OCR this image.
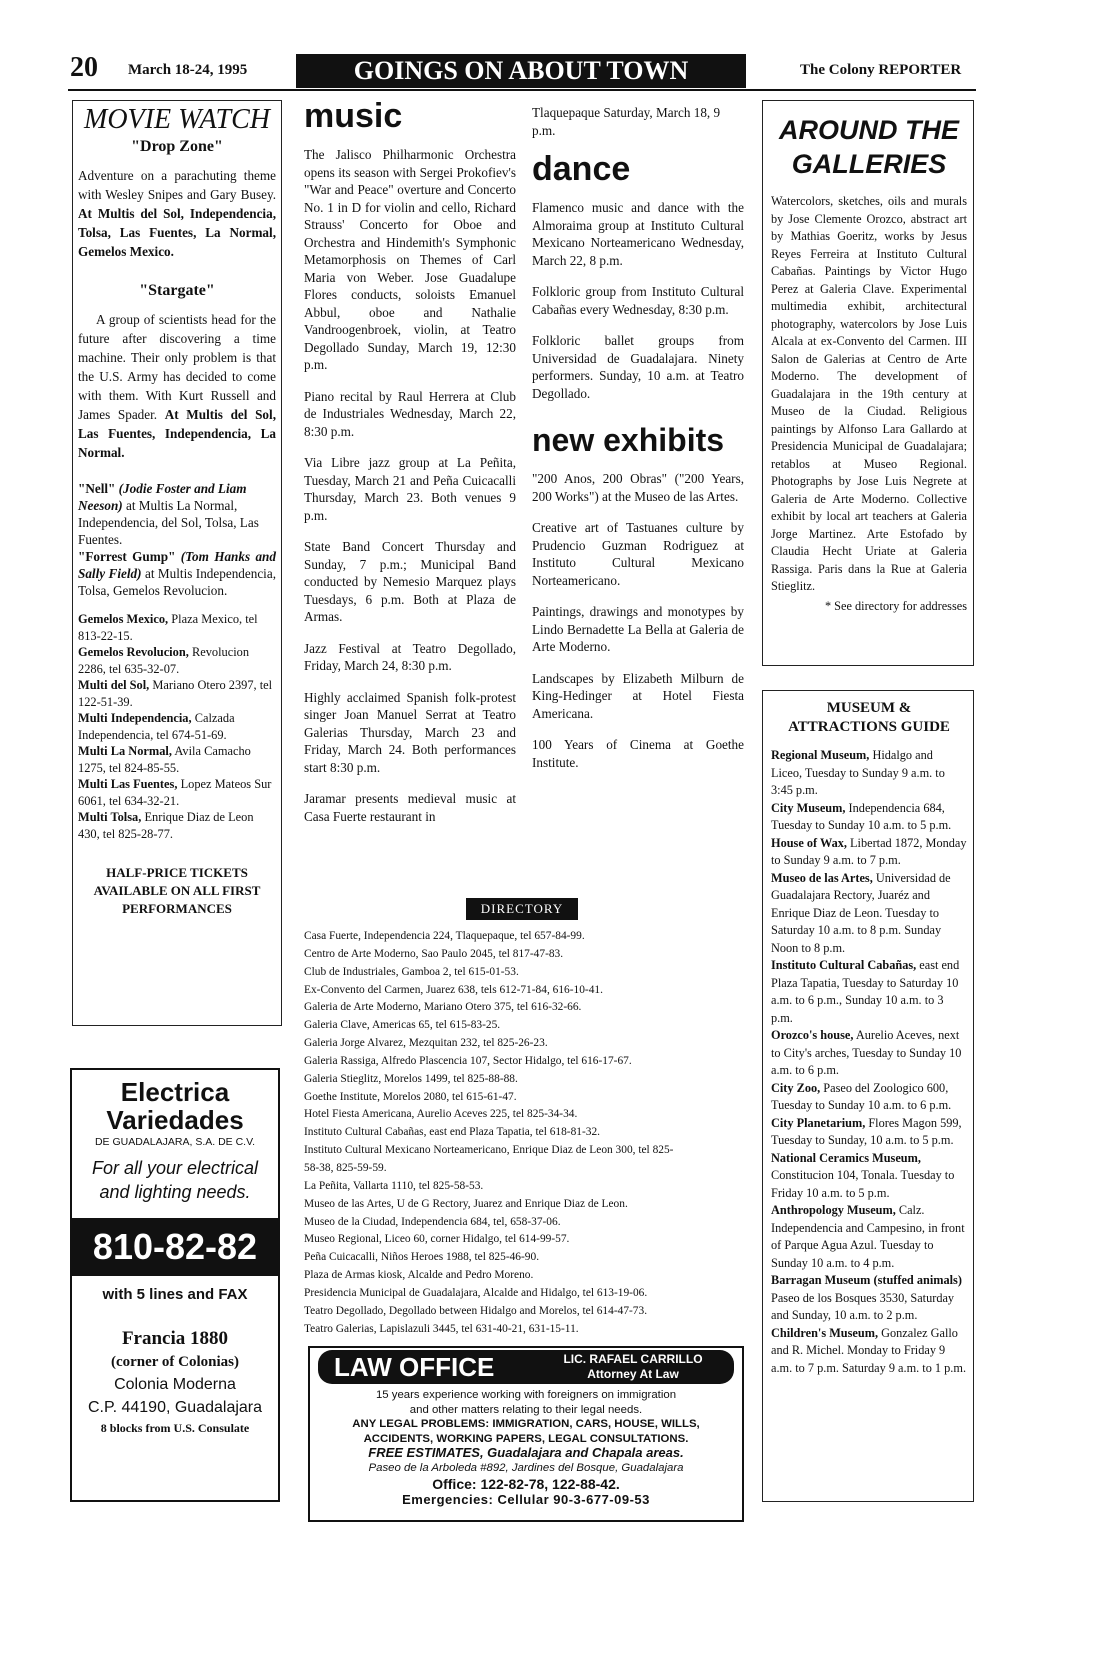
20 March 18-24, 1995	GOINGS ON ABOUT TOWN	The Colony REPORTER
MOVIE WATCH
"Drop Zone"

Adventure on a parachuting theme with Wesley Snipes and Gary Busey. At Multis del Sol, Independencia, Tolsa, Las Fuentes, La Normal, Gemelos Mexico.

"Stargate"

A group of scientists head for the future after discovering a time machine. Their only problem is that the U.S. Army has decided to come with them. With Kurt Russell and James Spader. At Multis del Sol, Las Fuentes, Independencia, La Normal.

"Nell" (Jodie Foster and Liam Neeson) at Multis La Normal, Independencia, del Sol, Tolsa, Las Fuentes.

"Forrest Gump" (Tom Hanks and Sally Field) at Multis Independencia, Tolsa, Gemelos Revolucion.

Gemelos Mexico, Plaza Mexico, tel 813-22-15.

Gemelos Revolucion, Revolucion 2286, tel 635-32-07.

Multi del Sol, Mariano Otero 2397, tel 122-51-39.

Multi Independencia, Calzada Independencia, tel 674-51-69.

Multi La Normal, Avila Camacho 1275, tel 824-85-55.

Multi Las Fuentes, Lopez Mateos Sur 6061, tel 634-32-21.

Multi Tolsa, Enrique Diaz de Leon 430, tel 825-28-77.

HALF-PRICE TICKETS AVAILABLE ON ALL FIRST PERFORMANCES
Electrica
Variedades
DE GUADALAJARA, S.A. DE C.V.
For all your electrical and lighting needs.
810-82-82
with 5 lines and FAX
Francia 1880
(corner of Colonias)
Colonia Moderna
C.P. 44190, Guadalajara
8 blocks from U.S. Consulate
music

The Jalisco Philharmonic Orchestra opens its season with Sergei Prokofiev's "War and Peace" overture and Concerto No. 1 in D for violin and cello, Richard Strauss' Concerto for Oboe and Orchestra and Hindemith's Symphonic Metamorphosis on Themes of Carl Maria von Weber. Jose Guadalupe Flores conducts, soloists Emanuel Abbul, oboe and Nathalie Vandroogenbroek, violin, at Teatro Degollado Sunday, March 19, 12:30 p.m.

Piano recital by Raul Herrera at Club de Industriales Wednesday, March 22, 8:30 p.m.

Via Libre jazz group at La Peñita, Tuesday, March 21 and Peña Cuicacalli Thursday, March 23. Both venues 9 p.m.

State Band Concert Thursday and Sunday, 7 p.m.; Municipal Band conducted by Nemesio Marquez plays Tuesdays, 6 p.m. Both at Plaza de Armas.

Jazz Festival at Teatro Degollado, Friday, March 24, 8:30 p.m.

Highly acclaimed Spanish folk-protest singer Joan Manuel Serrat at Teatro Galerias Thursday, March 23 and Friday, March 24. Both performances start 8:30 p.m.

Jaramar presents medieval music at Casa Fuerte restaurant in

Tlaquepaque Saturday, March 18, 9 p.m.

dance

Flamenco music and dance with the Almoraima group at Instituto Cultural Mexicano Norteamericano Wednesday, March 22, 8 p.m.

Folkloric group from Instituto Cultural Cabañas every Wednesday, 8:30 p.m.

Folkloric ballet groups from Universidad de Guadalajara. Ninety performers. Sunday, 10 a.m. at Teatro Degollado.

new exhibits

"200 Anos, 200 Obras" ("200 Years, 200 Works") at the Museo de las Artes.

Creative art of Tastuanes culture by Prudencio Guzman Rodriguez at Instituto Cultural Mexicano Norteamericano.

Paintings, drawings and monotypes by Lindo Bernadette La Bella at Galeria de Arte Moderno.

Landscapes by Elizabeth Milburn de King-Hedinger at Hotel Fiesta Americana.

100 Years of Cinema at Goethe Institute.

DIRECTORY

Casa Fuerte, Independencia 224, Tlaquepaque, tel 657-84-99.

Centro de Arte Moderno, Sao Paulo 2045, tel 817-47-83.

Club de Industriales, Gamboa 2, tel 615-01-53.

Ex-Convento del Carmen, Juarez 638, tels 612-71-84, 616-10-41.

Galeria de Arte Moderno, Mariano Otero 375, tel 616-32-66.

Galeria Clave, Americas 65, tel 615-83-25.

Galeria Jorge Alvarez, Mezquitan 232, tel 825-26-23.

Galeria Rassiga, Alfredo Plascencia 107, Sector Hidalgo, tel 616-17-67.

Galeria Stieglitz, Morelos 1499, tel 825-88-88.

Goethe Institute, Morelos 2080, tel 615-61-47.

Hotel Fiesta Americana, Aurelio Aceves 225, tel 825-34-34.

Instituto Cultural Cabañas, east end Plaza Tapatia, tel 618-81-32.

Instituto Cultural Mexicano Norteamericano, Enrique Diaz de Leon 300, tel 825-

58-38, 825-59-59.

La Peñita, Vallarta 1110, tel 825-58-53.

Museo de las Artes, U de G Rectory, Juarez and Enrique Diaz de Leon.

Museo de la Ciudad, Independencia 684, tel, 658-37-06.

Museo Regional, Liceo 60, corner Hidalgo, tel 614-99-57.

Peña Cuicacalli, Niños Heroes 1988, tel 825-46-90.

Plaza de Armas kiosk, Alcalde and Pedro Moreno.

Presidencia Municipal de Guadalajara, Alcalde and Hidalgo, tel 613-19-06.

Teatro Degollado, Degollado between Hidalgo and Morelos, tel 614-47-73.

Teatro Galerias, Lapislazuli 3445, tel 631-40-21, 631-15-11.

LAW OFFICE	LIC. RAFAEL CARRILLO
Attorney At Law
15 years experience working with foreigners on immigration
and other matters relating to their legal needs.
ANY LEGAL PROBLEMS: IMMIGRATION, CARS, HOUSE, WILLS,
ACCIDENTS, WORKING PAPERS, LEGAL CONSULTATIONS.
FREE ESTIMATES, Guadalajara and Chapala areas.
Paseo de la Arboleda #892, Jardines del Bosque, Guadalajara
Office: 122-82-78, 122-88-42.
Emergencies: Cellular 90-3-677-09-53
AROUND THE
GALLERIES

Watercolors, sketches, oils and murals by Jose Clemente Orozco, abstract art by Mathias Goeritz, works by Jesus Reyes Ferreira at Instituto Cultural Cabañas. Paintings by Victor Hugo Perez at Galeria Clave. Experimental multimedia exhibit, architectural photography, watercolors by Jose Luis Alcala at ex-Convento del Carmen. III Salon de Galerias at Centro de Arte Moderno. The development of Guadalajara in the 19th century at Museo de la Ciudad. Religious paintings by Alfonso Lara Gallardo at Presidencia Municipal de Guadalajara; retablos at Museo Regional. Photographs by Jose Luis Negrete at Galeria de Arte Moderno. Collective exhibit by local art teachers at Galeria Jorge Martinez. Arte Estofado by Claudia Hecht Uriate at Galeria Rassiga. Paris dans la Rue at Galeria Stieglitz.

* See directory for addresses
MUSEUM &
ATTRACTIONS GUIDE

Regional Museum, Hidalgo and Liceo, Tuesday to Sunday 9 a.m. to 3:45 p.m.

City Museum, Independencia 684, Tuesday to Sunday 10 a.m. to 5 p.m.

House of Wax, Libertad 1872, Monday to Sunday 9 a.m. to 7 p.m.

Museo de las Artes, Universidad de Guadalajara Rectory, Juaréz and Enrique Diaz de Leon. Tuesday to Saturday 10 a.m. to 8 p.m. Sunday Noon to 8 p.m.

Instituto Cultural Cabañas, east end Plaza Tapatia, Tuesday to Saturday 10 a.m. to 6 p.m., Sunday 10 a.m. to 3 p.m.

Orozco's house, Aurelio Aceves, next to City's arches, Tuesday to Sunday 10 a.m. to 6 p.m.

City Zoo, Paseo del Zoologico 600, Tuesday to Sunday 10 a.m. to 6 p.m.

City Planetarium, Flores Magon 599, Tuesday to Sunday, 10 a.m. to 5 p.m.

National Ceramics Museum, Constitucion 104, Tonala. Tuesday to Friday 10 a.m. to 5 p.m.

Anthropology Museum, Calz. Independencia and Campesino, in front of Parque Agua Azul. Tuesday to Sunday 10 a.m. to 4 p.m.

Barragan Museum (stuffed animals) Paseo de los Bosques 3530, Saturday and Sunday, 10 a.m. to 2 p.m.

Children's Museum, Gonzalez Gallo and R. Michel. Monday to Friday 9 a.m. to 7 p.m. Saturday 9 a.m. to 1 p.m.
